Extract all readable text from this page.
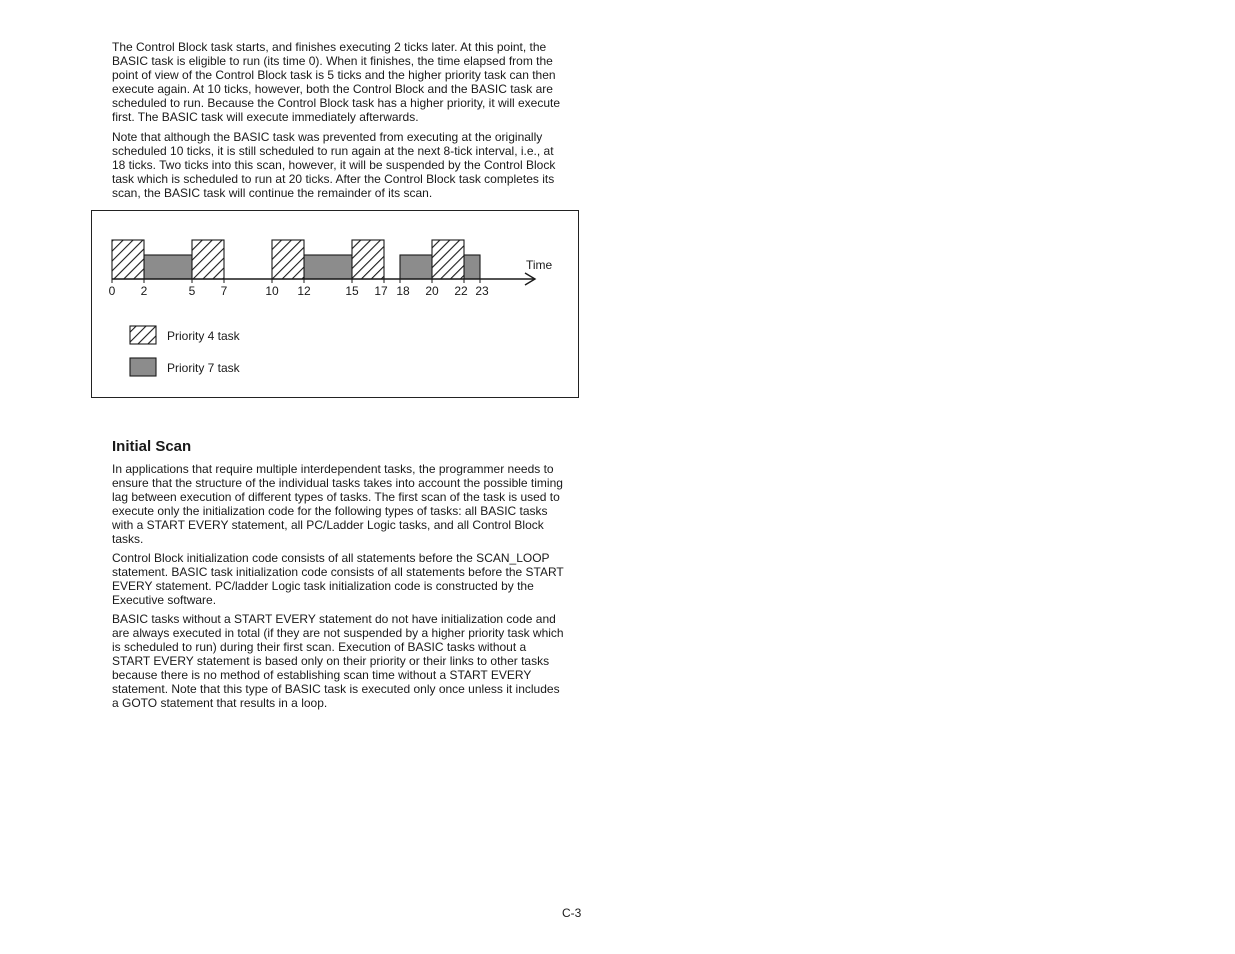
The Control Block task starts, and finishes executing 2 ticks later. At this point, the BASIC task is eligible to run (its time 0). When it finishes, the time elapsed from the point of view of the Control Block task is 5 ticks and the higher priority task can then execute again. At 10 ticks, however, both the Control Block and the BASIC task are scheduled to run. Because the Control Block task has a higher priority, it will execute first. The BASIC task will execute immediately afterwards.

Note that although the BASIC task was prevented from executing at the originally scheduled 10 ticks, it is still scheduled to run again at the next 8-tick interval, i.e., at 18 ticks. Two ticks into this scan, however, it will be suspended by the Control Block task which is scheduled to run at 20 ticks. After the Control Block task completes its scan, the BASIC task will continue the remainder of its scan.

Time
0 2	5 7	10 12	15 17 18 20 22 23
Priority 4 task
Priority 7 task
Initial Scan

In applications that require multiple interdependent tasks, the programmer needs to ensure that the structure of the individual tasks takes into account the possible timing lag between execution of different types of tasks. The first scan of the task is used to execute only the initialization code for the following types of tasks: all BASIC tasks with a START EVERY statement, all PC/Ladder Logic tasks, and all Control Block tasks.

Control Block initialization code consists of all statements before the SCAN_LOOP statement. BASIC task initialization code consists of all statements before the START EVERY statement. PC/ladder Logic task initialization code is constructed by the Executive software.

BASIC tasks without a START EVERY statement do not have initialization code and are always executed in total (if they are not suspended by a higher priority task which is scheduled to run) during their first scan. Execution of BASIC tasks without a START EVERY statement is based only on their priority or their links to other tasks because there is no method of establishing scan time without a START EVERY statement. Note that this type of BASIC task is executed only once unless it includes a GOTO statement that results in a loop.

C-3
